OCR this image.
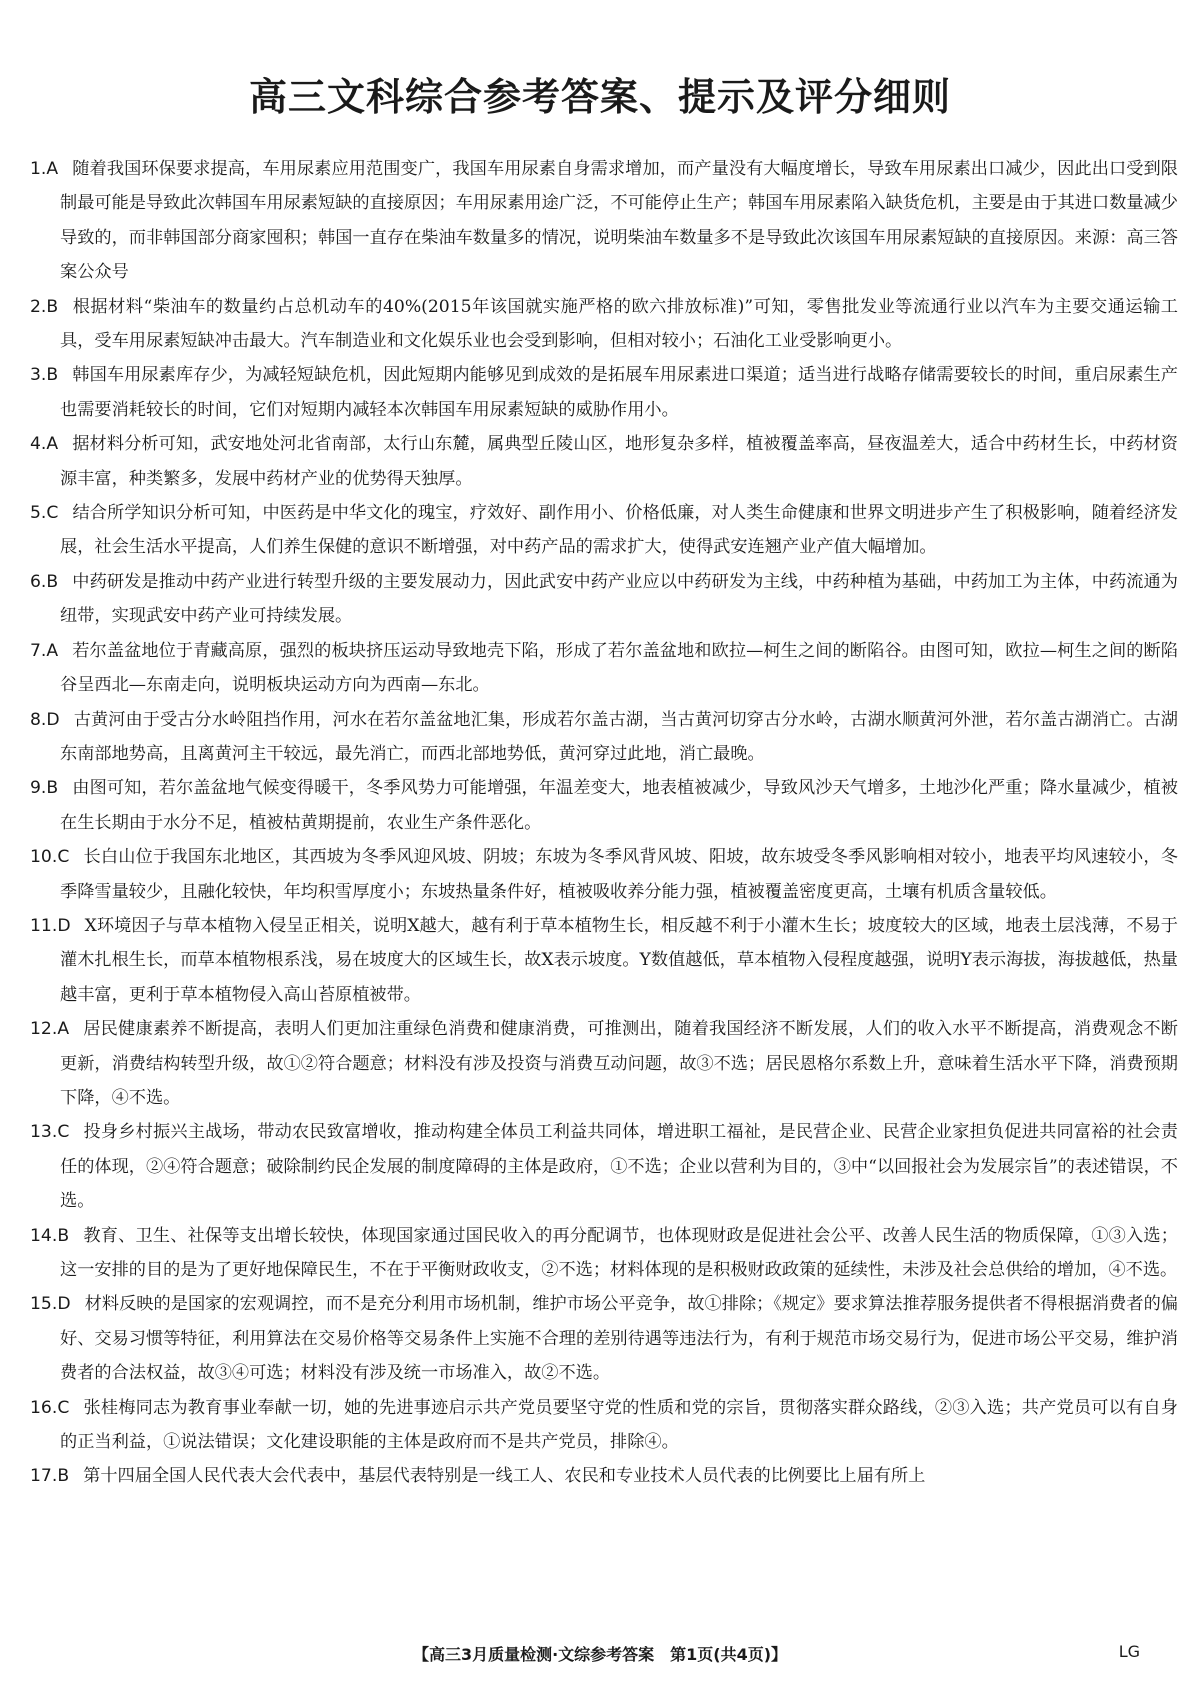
高三文科综合参考答案、提示及评分细则
1.A 随着我国环保要求提高，车用尿素应用范围变广，我国车用尿素自身需求增加，而产量没有大幅度增长，导致车用尿素出口减少，因此出口受到限制最可能是导致此次韩国车用尿素短缺的直接原因；车用尿素用途广泛，不可能停止生产；韩国车用尿素陷入缺货危机，主要是由于其进口数量减少导致的，而非韩国部分商家囤积；韩国一直存在柴油车数量多的情况，说明柴油车数量多不是导致此次该国车用尿素短缺的直接原因。来源：高三答案公众号
2.B 根据材料“柴油车的数量约占总机动车的40%(2015年该国就实施严格的欧六排放标准)”可知，零售批发业等流通行业以汽车为主要交通运输工具，受车用尿素短缺冲击最大。汽车制造业和文化娱乐业也会受到影响，但相对较小；石油化工业受影响更小。
3.B 韩国车用尿素库存少，为减轻短缺危机，因此短期内能够见到成效的是拓展车用尿素进口渠道；适当进行战略存储需要较长的时间，重启尿素生产也需要消耗较长的时间，它们对短期内减轻本次韩国车用尿素短缺的威胁作用小。
4.A 据材料分析可知，武安地处河北省南部，太行山东麓，属典型丘陵山区，地形复杂多样，植被覆盖率高，昼夜温差大，适合中药材生长，中药材资源丰富，种类繁多，发展中药材产业的优势得天独厚。
5.C 结合所学知识分析可知，中医药是中华文化的瑰宝，疗效好、副作用小、价格低廉，对人类生命健康和世界文明进步产生了积极影响，随着经济发展，社会生活水平提高，人们养生保健的意识不断增强，对中药产品的需求扩大，使得武安连翘产业产值大幅增加。
6.B 中药研发是推动中药产业进行转型升级的主要发展动力，因此武安中药产业应以中药研发为主线，中药种植为基础，中药加工为主体，中药流通为纽带，实现武安中药产业可持续发展。
7.A 若尔盖盆地位于青藏高原，强烈的板块挤压运动导致地壳下陷，形成了若尔盖盆地和欧拉—柯生之间的断陷谷。由图可知，欧拉—柯生之间的断陷谷呈西北—东南走向，说明板块运动方向为西南—东北。
8.D 古黄河由于受古分水岭阻挡作用，河水在若尔盖盆地汇集，形成若尔盖古湖，当古黄河切穿古分水岭，古湖水顺黄河外泄，若尔盖古湖消亡。古湖东南部地势高，且离黄河主干较远，最先消亡，而西北部地势低，黄河穿过此地，消亡最晚。
9.B 由图可知，若尔盖盆地气候变得暖干，冬季风势力可能增强，年温差变大，地表植被减少，导致风沙天气增多，土地沙化严重；降水量减少，植被在生长期由于水分不足，植被枯黄期提前，农业生产条件恶化。
10.C 长白山位于我国东北地区，其西坡为冬季风迎风坡、阴坡；东坡为冬季风背风坡、阳坡，故东坡受冬季风影响相对较小，地表平均风速较小，冬季降雪量较少，且融化较快，年均积雪厚度小；东坡热量条件好，植被吸收养分能力强，植被覆盖密度更高，土壤有机质含量较低。
11.D X环境因子与草本植物入侵呈正相关，说明X越大，越有利于草本植物生长，相反越不利于小灌木生长；坡度较大的区域，地表土层浅薄，不易于灌木扎根生长，而草本植物根系浅，易在坡度大的区域生长，故X表示坡度。Y数值越低，草本植物入侵程度越强，说明Y表示海拔，海拔越低，热量越丰富，更利于草本植物侵入高山苔原植被带。
12.A 居民健康素养不断提高，表明人们更加注重绿色消费和健康消费，可推测出，随着我国经济不断发展，人们的收入水平不断提高，消费观念不断更新，消费结构转型升级，故①②符合题意；材料没有涉及投资与消费互动问题，故③不选；居民恩格尔系数上升，意味着生活水平下降，消费预期下降，④不选。
13.C 投身乡村振兴主战场，带动农民致富增收，推动构建全体员工利益共同体，增进职工福祉，是民营企业、民营企业家担负促进共同富裕的社会责任的体现，②④符合题意；破除制约民企发展的制度障碍的主体是政府，①不选；企业以营利为目的，③中“以回报社会为发展宗旨”的表述错误，不选。
14.B 教育、卫生、社保等支出增长较快，体现国家通过国民收入的再分配调节，也体现财政是促进社会公平、改善人民生活的物质保障，①③入选；这一安排的目的是为了更好地保障民生，不在于平衡财政收支，②不选；材料体现的是积极财政政策的延续性，未涉及社会总供给的增加，④不选。
15.D 材料反映的是国家的宏观调控，而不是充分利用市场机制，维护市场公平竞争，故①排除；《规定》要求算法推荐服务提供者不得根据消费者的偏好、交易习惯等特征，利用算法在交易价格等交易条件上实施不合理的差别待遇等违法行为，有利于规范市场交易行为，促进市场公平交易，维护消费者的合法权益，故③④可选；材料没有涉及统一市场准入，故②不选。
16.C 张桂梅同志为教育事业奉献一切，她的先进事迹启示共产党员要坚守党的性质和党的宗旨，贯彻落实群众路线，②③入选；共产党员可以有自身的正当利益，①说法错误；文化建设职能的主体是政府而不是共产党员，排除④。
17.B 第十四届全国人民代表大会代表中，基层代表特别是一线工人、农民和专业技术人员代表的比例要比上届有所上
【高三3月质量检测·文综参考答案　第1页(共4页)】	LG
